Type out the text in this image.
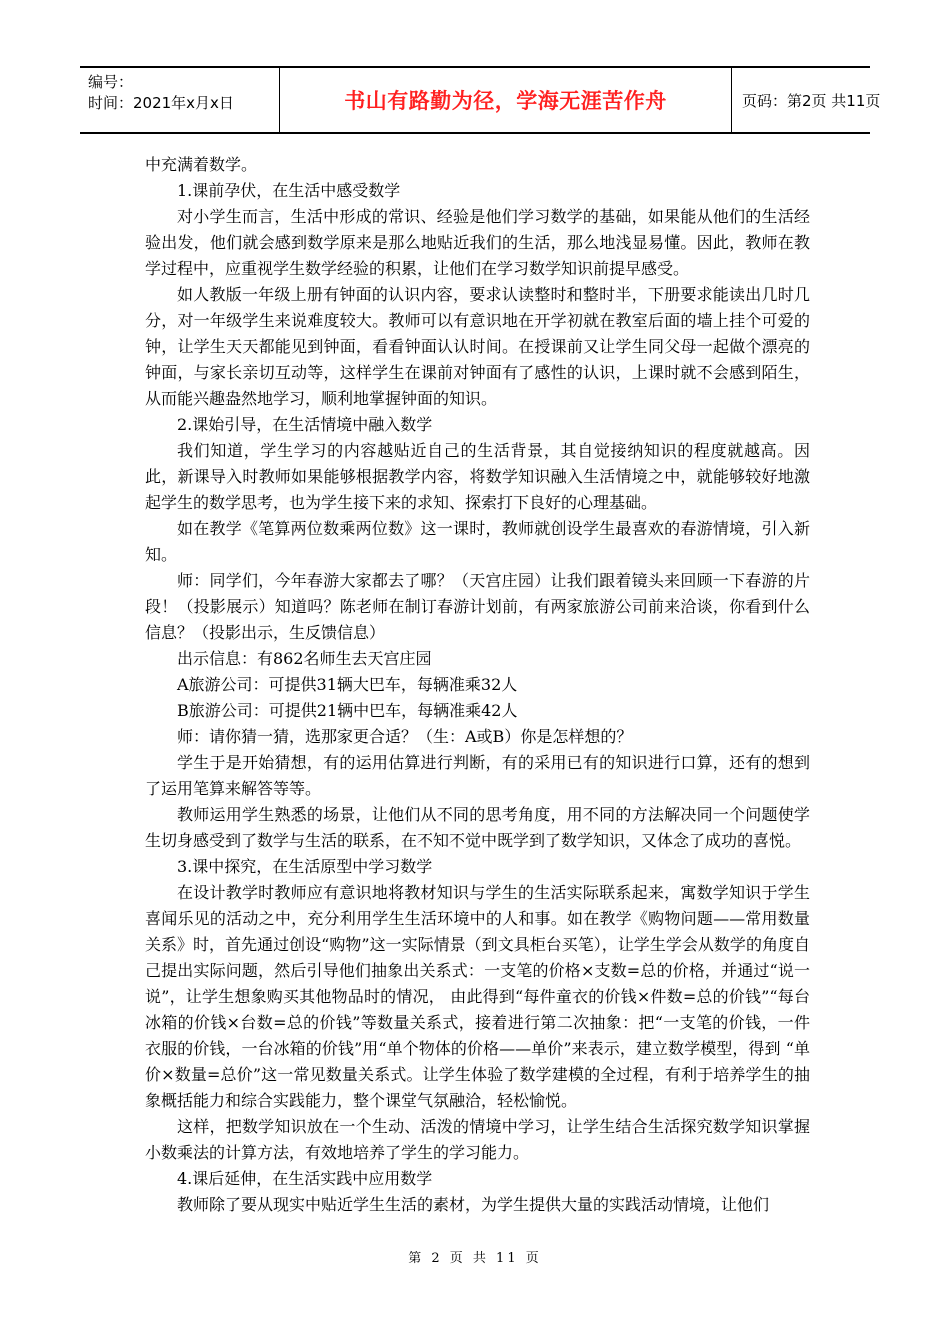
编号：
时间：2021年x月x日	书山有路勤为径，学海无涯苦作舟	页码：第2页 共11页

中充满着数学。

1.课前孕伏，在生活中感受数学

对小学生而言，生活中形成的常识、经验是他们学习数学的基础，如果能从他们的生活经验出发，他们就会感到数学原来是那么地贴近我们的生活，那么地浅显易懂。因此，教师在教学过程中，应重视学生数学经验的积累，让他们在学习数学知识前提早感受。

如人教版一年级上册有钟面的认识内容，要求认读整时和整时半，下册要求能读出几时几分，对一年级学生来说难度较大。教师可以有意识地在开学初就在教室后面的墙上挂个可爱的钟，让学生天天都能见到钟面，看看钟面认认时间。在授课前又让学生同父母一起做个漂亮的钟面，与家长亲切互动等，这样学生在课前对钟面有了感性的认识，上课时就不会感到陌生，从而能兴趣盎然地学习，顺利地掌握钟面的知识。

2.课始引导，在生活情境中融入数学

我们知道，学生学习的内容越贴近自己的生活背景，其自觉接纳知识的程度就越高。因此，新课导入时教师如果能够根据教学内容，将数学知识融入生活情境之中，就能够较好地激起学生的数学思考，也为学生接下来的求知、探索打下良好的心理基础。

如在教学《笔算两位数乘两位数》这一课时，教师就创设学生最喜欢的春游情境，引入新知。

师：同学们，今年春游大家都去了哪？（天宫庄园）让我们跟着镜头来回顾一下春游的片段！（投影展示）知道吗？陈老师在制订春游计划前，有两家旅游公司前来洽谈，你看到什么信息？（投影出示，生反馈信息）

出示信息：有862名师生去天宫庄园

A旅游公司：可提供31辆大巴车，每辆准乘32人

B旅游公司：可提供21辆中巴车，每辆准乘42人

师：请你猜一猜，选那家更合适？（生：A或B）你是怎样想的？

学生于是开始猜想，有的运用估算进行判断，有的采用已有的知识进行口算，还有的想到了运用笔算来解答等等。

教师运用学生熟悉的场景，让他们从不同的思考角度，用不同的方法解决同一个问题使学生切身感受到了数学与生活的联系，在不知不觉中既学到了数学知识，又体念了成功的喜悦。

3.课中探究，在生活原型中学习数学

在设计教学时教师应有意识地将教材知识与学生的生活实际联系起来，寓数学知识于学生喜闻乐见的活动之中，充分利用学生生活环境中的人和事。如在教学《购物问题——常用数量关系》时，首先通过创设“购物”这一实际情景（到文具柜台买笔），让学生学会从数学的角度自己提出实际问题，然后引导他们抽象出关系式：一支笔的价格×支数=总的价格，并通过“说一说”，让学生想象购买其他物品时的情况， 由此得到“每件童衣的价钱×件数=总的价钱”“每台冰箱的价钱×台数=总的价钱”等数量关系式，接着进行第二次抽象：把“一支笔的价钱，一件衣服的价钱，一台冰箱的价钱”用“单个物体的价格——单价”来表示，建立数学模型，得到 “单价×数量=总价”这一常见数量关系式。让学生体验了数学建模的全过程，有利于培养学生的抽象概括能力和综合实践能力，整个课堂气氛融洽，轻松愉悦。

这样，把数学知识放在一个生动、活泼的情境中学习，让学生结合生活探究数学知识掌握小数乘法的计算方法，有效地培养了学生的学习能力。

4.课后延伸，在生活实践中应用数学

教师除了要从现实中贴近学生生活的素材，为学生提供大量的实践活动情境，让他们

第 2 页 共 11 页
